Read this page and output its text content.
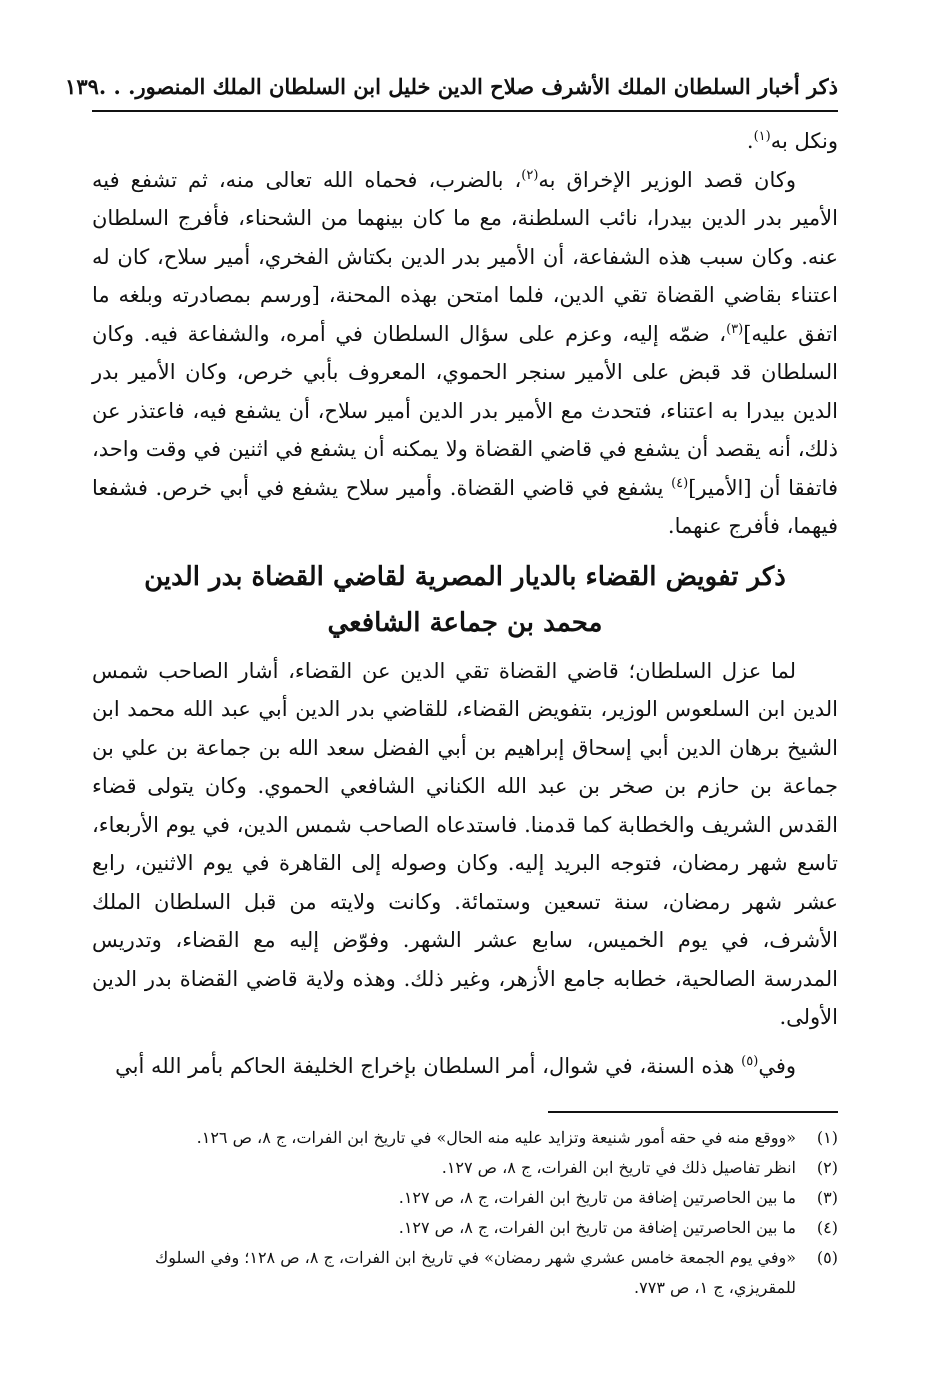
ذكر أخبار السلطان الملك الأشرف صلاح الدين خليل ابن السلطان الملك المنصور. . .
١٣٩

ونكل به$^{(١)}$.

وكان قصد الوزير الإخراق به$^{(٢)}$، بالضرب، فحماه الله تعالى منه، ثم تشفع فيه الأمير بدر الدين بيدرا، نائب السلطنة، مع ما كان بينهما من الشحناء، فأفرج السلطان عنه. وكان سبب هذه الشفاعة، أن الأمير بدر الدين بكتاش الفخري، أمير سلاح، كان له اعتناء بقاضي القضاة تقي الدين، فلما امتحن بهذه المحنة، [ورسم بمصادرته وبلغه ما اتفق عليه]$^{(٣)}$، ضمّه إليه، وعزم على سؤال السلطان في أمره، والشفاعة فيه. وكان السلطان قد قبض على الأمير سنجر الحموي، المعروف بأبي خرص، وكان الأمير بدر الدين بيدرا به اعتناء، فتحدث مع الأمير بدر الدين أمير سلاح، أن يشفع فيه، فاعتذر عن ذلك، أنه يقصد أن يشفع في قاضي القضاة ولا يمكنه أن يشفع في اثنين في وقت واحد، فاتفقا أن [الأمير]$^{(٤)}$ يشفع في قاضي القضاة. وأمير سلاح يشفع في أبي خرص. فشفعا فيهما، فأفرج عنهما.

ذكر تفويض القضاء بالديار المصرية لقاضي القضاة بدر الدين
محمد بن جماعة الشافعي

لما عزل السلطان؛ قاضي القضاة تقي الدين عن القضاء، أشار الصاحب شمس الدين ابن السلعوس الوزير، بتفويض القضاء، للقاضي بدر الدين أبي عبد الله محمد ابن الشيخ برهان الدين أبي إسحاق إبراهيم بن أبي الفضل سعد الله بن جماعة بن علي بن جماعة بن حازم بن صخر بن عبد الله الكناني الشافعي الحموي. وكان يتولى قضاء القدس الشريف والخطابة كما قدمنا. فاستدعاه الصاحب شمس الدين، في يوم الأربعاء، تاسع شهر رمضان، فتوجه البريد إليه. وكان وصوله إلى القاهرة في يوم الاثنين، رابع عشر شهر رمضان، سنة تسعين وستمائة. وكانت ولايته من قبل السلطان الملك الأشرف، في يوم الخميس، سابع عشر الشهر. وفوّض إليه مع القضاء، وتدريس المدرسة الصالحية، خطابه جامع الأزهر، وغير ذلك. وهذه ولاية قاضي القضاة بدر الدين الأولى.

وفي$^{(٥)}$ هذه السنة، في شوال، أمر السلطان بإخراج الخليفة الحاكم بأمر الله أبي

(١)
«ووقع منه في حقه أمور شنيعة وتزايد عليه منه الحال» في تاريخ ابن الفرات، ج ٨، ص ١٢٦.
(٢)
انظر تفاصيل ذلك في تاريخ ابن الفرات، ج ٨، ص ١٢٧.
(٣)
ما بين الحاصرتين إضافة من تاريخ ابن الفرات، ج ٨، ص ١٢٧.
(٤)
ما بين الحاصرتين إضافة من تاريخ ابن الفرات، ج ٨، ص ١٢٧.
(٥)
«وفي يوم الجمعة خامس عشري شهر رمضان» في تاريخ ابن الفرات، ج ٨، ص ١٢٨؛ وفي السلوك للمقريزي، ج ١، ص ٧٧٣.
